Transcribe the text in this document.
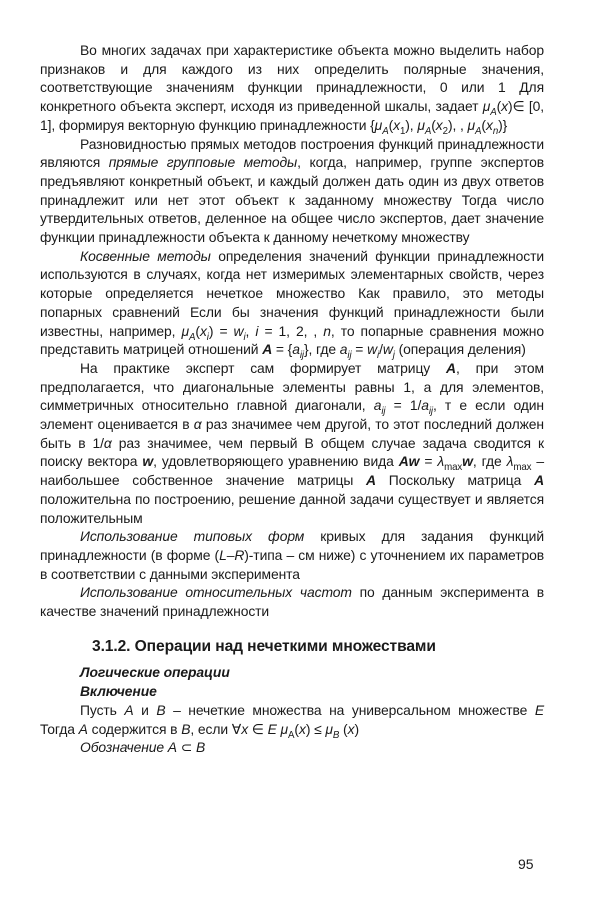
Во многих задачах при характеристике объекта можно выделить набор признаков и для каждого из них определить полярные значения, соответствующие значениям функции принадлежности, 0 или 1 Для конкретного объекта эксперт, исходя из приведенной шкалы, задает $\mu_A(x)\in$ [0, 1], формируя векторную функцию принадлежности {$\mu_A(x_1)$, $\mu_A(x_2)$, , $\mu_A(x_n)$}

Разновидностью прямых методов построения функций принадлежности являются прямые групповые методы, когда, например, группе экспертов предъявляют конкретный объект, и каждый должен дать один из двух ответов принадлежит или нет этот объект к заданному множеству Тогда число утвердительных ответов, деленное на общее число экспертов, дает значение функции принадлежности объекта к данному нечеткому множеству

Косвенные методы определения значений функции принадлежности используются в случаях, когда нет измеримых элементарных свойств, через которые определяется нечеткое множество Как правило, это методы попарных сравнений Если бы значения функций принадлежности были известны, например, $\mu_A(x_i) = w_i$, i = 1, 2, , n, то попарные сравнения можно представить матрицей отношений $A = \{a_{ij}\}$, где $a_{ij} = w_i/w_j$ (операция деления)

На практике эксперт сам формирует матрицу A, при этом предполагается, что диагональные элементы равны 1, а для элементов, симметричных относительно главной диагонали, $a_{ij} = 1/a_{ij}$, т е если один элемент оценивается в α раз значимее чем другой, то этот последний должен быть в 1/α раз значимее, чем первый В общем случае задача сводится к поиску вектора w, удовлетворяющего уравнению вида $Aw = \lambda_{max}w$, где $\lambda_{max}$ – наибольшее собственное значение матрицы A Поскольку матрица A положительна по построению, решение данной задачи существует и является положительным

Использование типовых форм кривых для задания функций принадлежности (в форме (L–R)-типа – см ниже) с уточнением их параметров в соответствии с данными эксперимента

Использование относительных частот по данным эксперимента в качестве значений принадлежности

3.1.2. Операции над нечеткими множествами
Логические операции
Включение

Пусть A и B – нечеткие множества на универсальном множестве E Тогда A содержится в B, если ∀x ∈ E $\mu_A(x) \le \mu_B$ (x)

Обозначение A ⊂ B

95
